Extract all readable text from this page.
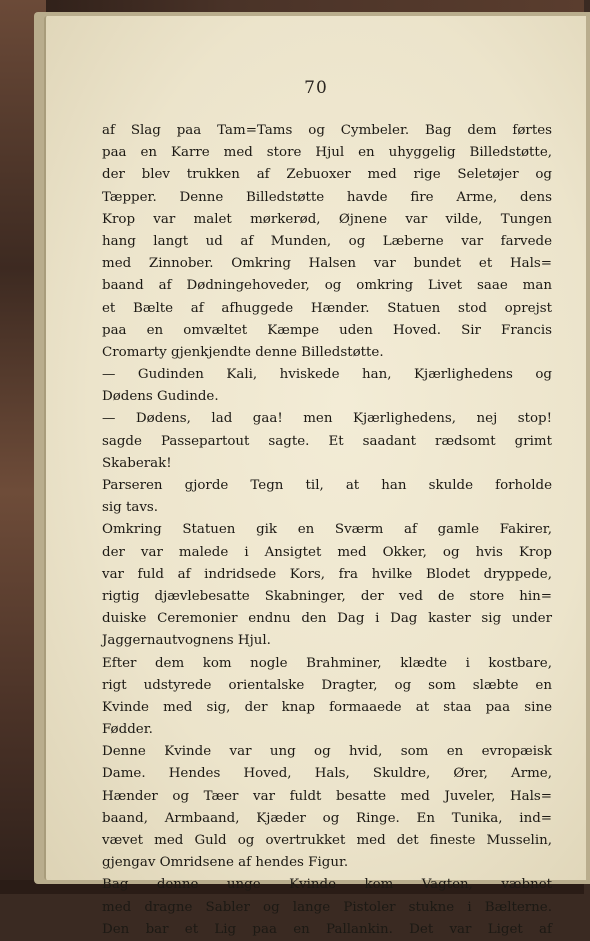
70
af Slag paa Tam=Tams og Cymbeler. Bag dem førtes
paa en Karre med store Hjul en uhyggelig Billedstøtte,
der blev trukken af Zebuoxer med rige Seletøjer og
Tæpper. Denne Billedstøtte havde fire Arme, dens
Krop var malet mørkerød, Øjnene var vilde, Tungen
hang langt ud af Munden, og Læberne var farvede
med Zinnober. Omkring Halsen var bundet et Hals=
baand af Dødningehoveder, og omkring Livet saae man
et Bælte af afhuggede Hænder. Statuen stod oprejst
paa en omvæltet Kæmpe uden Hoved. Sir Francis
Cromarty gjenkjendte denne Billedstøtte.
— Gudinden Kali, hviskede han, Kjærlighedens og
Dødens Gudinde.
— Dødens, lad gaa! men Kjærlighedens, nej stop!
sagde Passepartout sagte. Et saadant rædsomt grimt
Skaberak!
Parseren gjorde Tegn til, at han skulde forholde
sig tavs.
Omkring Statuen gik en Sværm af gamle Fakirer,
der var malede i Ansigtet med Okker, og hvis Krop
var fuld af indridsede Kors, fra hvilke Blodet dryppede,
rigtig djævlebesatte Skabninger, der ved de store hin=
duiske Ceremonier endnu den Dag i Dag kaster sig under
Jaggernautvognens Hjul.
Efter dem kom nogle Brahminer, klædte i kostbare,
rigt udstyrede orientalske Dragter, og som slæbte en
Kvinde med sig, der knap formaaede at staa paa sine
Fødder.
Denne Kvinde var ung og hvid, som en evropæisk
Dame. Hendes Hoved, Hals, Skuldre, Ører, Arme,
Hænder og Tæer var fuldt besatte med Juveler, Hals=
baand, Armbaand, Kjæder og Ringe. En Tunika, ind=
vævet med Guld og overtrukket med det fineste Musselin,
gjengav Omridsene af hendes Figur.
Bag denne unge Kvinde kom Vagten, væbnet
med dragne Sabler og lange Pistoler stukne i Bælterne.
Den bar et Lig paa en Pallankin. Det var Liget af
